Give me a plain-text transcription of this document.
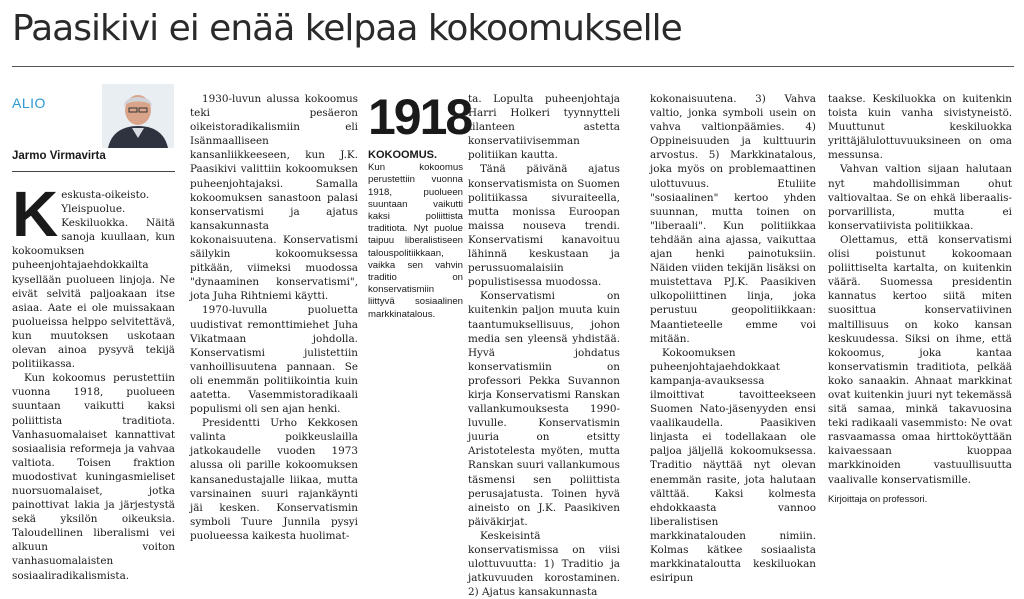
Paasikivi ei enää kelpaa kokoomukselle
ALIO
Jarmo Virmavirta

Keskusta-oikeisto. Yleispuolue. Keskiluokka. Näitä sanoja kuullaan, kun kokoomuksen puheenjohtajaehdokkailta kysellään puolueen linjoja. Ne eivät selvitä paljoakaan itse asiaa. Aate ei ole muissakaan puolueissa helppo selvitettävä, kun muutoksen uskotaan olevan ainoa pysyvä tekijä politiikassa.

Kun kokoomus perustettiin vuonna 1918, puolueen suuntaan vaikutti kaksi poliittista traditiota. Vanhasuomalaiset kannattivat sosiaalisia reformeja ja vahvaa valtiota. Toisen fraktion muodostivat kuningasmieliset nuorsuomalaiset, jotka painottivat lakia ja järjestystä sekä yksilön oikeuksia. Taloudellinen liberalismi vei alkuun voiton vanhasuomalaisten sosiaaliradikalismista.

1930-luvun alussa kokoomus teki pesäeron oikeistoradikalismiin eli Isänmaalliseen kansanliikkeeseen, kun J.K. Paasikivi valittiin kokoomuksen puheenjohtajaksi. Samalla kokoomuksen sanastoon palasi konservatismi ja ajatus kansakunnasta kokonaisuutena. Konservatismi säilykin kokoomuksessa pitkään, viimeksi muodossa "dynaaminen konservatismi", jota Juha Rihtniemi käytti.

1970-luvulla puoluetta uudistivat remonttimiehet Juha Vikatmaan johdolla. Konservatismi julistettiin vanhoillisuutena pannaan. Se oli enemmän politiikointia kuin aatetta. Vasemmistoradikaali populismi oli sen ajan henki.

Presidentti Urho Kekkosen valinta poikkeuslailla jatkokaudelle vuoden 1973 alussa oli parille kokoomuksen kansanedustajalle liikaa, mutta varsinainen suuri rajankäynti jäi kesken. Konservatismin symboli Tuure Junnila pysyi puolueessa kaikesta huolimat-

1918
KOKOOMUS.
Kun kokoomus perustettiin vuonna 1918, puolueen suuntaan vaikutti kaksi poliittista traditiota. Nyt puolue taipuu liberalistiseen talouspolitiikkaan, vaikka sen vahvin traditio on konservatismiin liittyvä sosiaalinen markkinatalous.

ta. Lopulta puheenjohtaja Harri Holkeri tyynnytteli tilanteen astetta konservatiivisemman politiikan kautta.

Tänä päivänä ajatus konservatismista on Suomen politiikassa sivuraiteella, mutta monissa Euroopan maissa nouseva trendi. Konservatismi kanavoituu lähinnä keskustaan ja perussuomalaisiin populistisessa muodossa.

Konservatismi on kuitenkin paljon muuta kuin taantumuksellisuus, johon media sen yleensä yhdistää. Hyvä johdatus konservatismiin on professori Pekka Suvannon kirja Konservatismi Ranskan vallankumouksesta 1990-luvulle. Konservatismin juuria on etsitty Aristotelesta myöten, mutta Ranskan suuri vallankumous täsmensi sen poliittista perusajatusta. Toinen hyvä aineisto on J.K. Paasikiven päiväkirjat.

Keskeisintä konservatismissa on viisi ulottuvuutta: 1) Traditio ja jatkuvuuden korostaminen. 2) Ajatus kansakunnasta

kokonaisuutena. 3) Vahva valtio, jonka symboli usein on vahva valtionpäämies. 4) Oppineisuuden ja kulttuurin arvostus. 5) Markkinatalous, joka myös on problemaattinen ulottuvuus. Etuliite "sosiaalinen" kertoo yhden suunnan, mutta toinen on "liberaali". Kun politiikkaa tehdään aina ajassa, vaikuttaa ajan henki painotuksiin. Näiden viiden tekijän lisäksi on muistettava PJ.K. Paasikiven ulkopoliittinen linja, joka perustuu geopolitiikkaan: Maantieteelle emme voi mitään.

Kokoomuksen puheenjohtajaehdokkaat kampanja-avauksessa ilmoittivat tavoitteekseen Suomen Nato-jäsenyyden ensi vaalikaudella. Paasikiven linjasta ei todellakaan ole paljoa jäljellä kokoomuksessa. Traditio näyttää nyt olevan enemmän rasite, jota halutaan välttää. Kaksi kolmesta ehdokkaasta vannoo liberalistisen markkinatalouden nimiin. Kolmas kätkee sosiaalista markkinataloutta keskiluokan esiripun

taakse. Keskiluokka on kuitenkin toista kuin vanha sivistyneistö. Muuttunut keskiluokka yrittäjälulottuvuuksineen on oma messunsa.

Vahvan valtion sijaan halutaan nyt mahdollisimman ohut valtiovaltaa. Se on ehkä liberaalis-porvarillista, mutta ei konservatiivista politiikkaa.

Olettamus, että konservatismi olisi poistunut kokoomaan poliittiselta kartalta, on kuitenkin väärä. Suomessa presidentin kannatus kertoo siitä miten suosittua konservatiivinen maltillisuus on koko kansan keskuudessa. Siksi on ihme, että kokoomus, joka kantaa konservatismin traditiota, pelkää koko sanaakin. Ahnaat markkinat ovat kuitenkin juuri nyt tekemässä sitä samaa, minkä takavuosina teki radikaali vasemmisto: Ne ovat rasvaamassa omaa hirttoköyttään kaivaessaan kuoppaa markkinoiden vastuullisuutta vaalivalle konservatismille.

Kirjoittaja on professori.
